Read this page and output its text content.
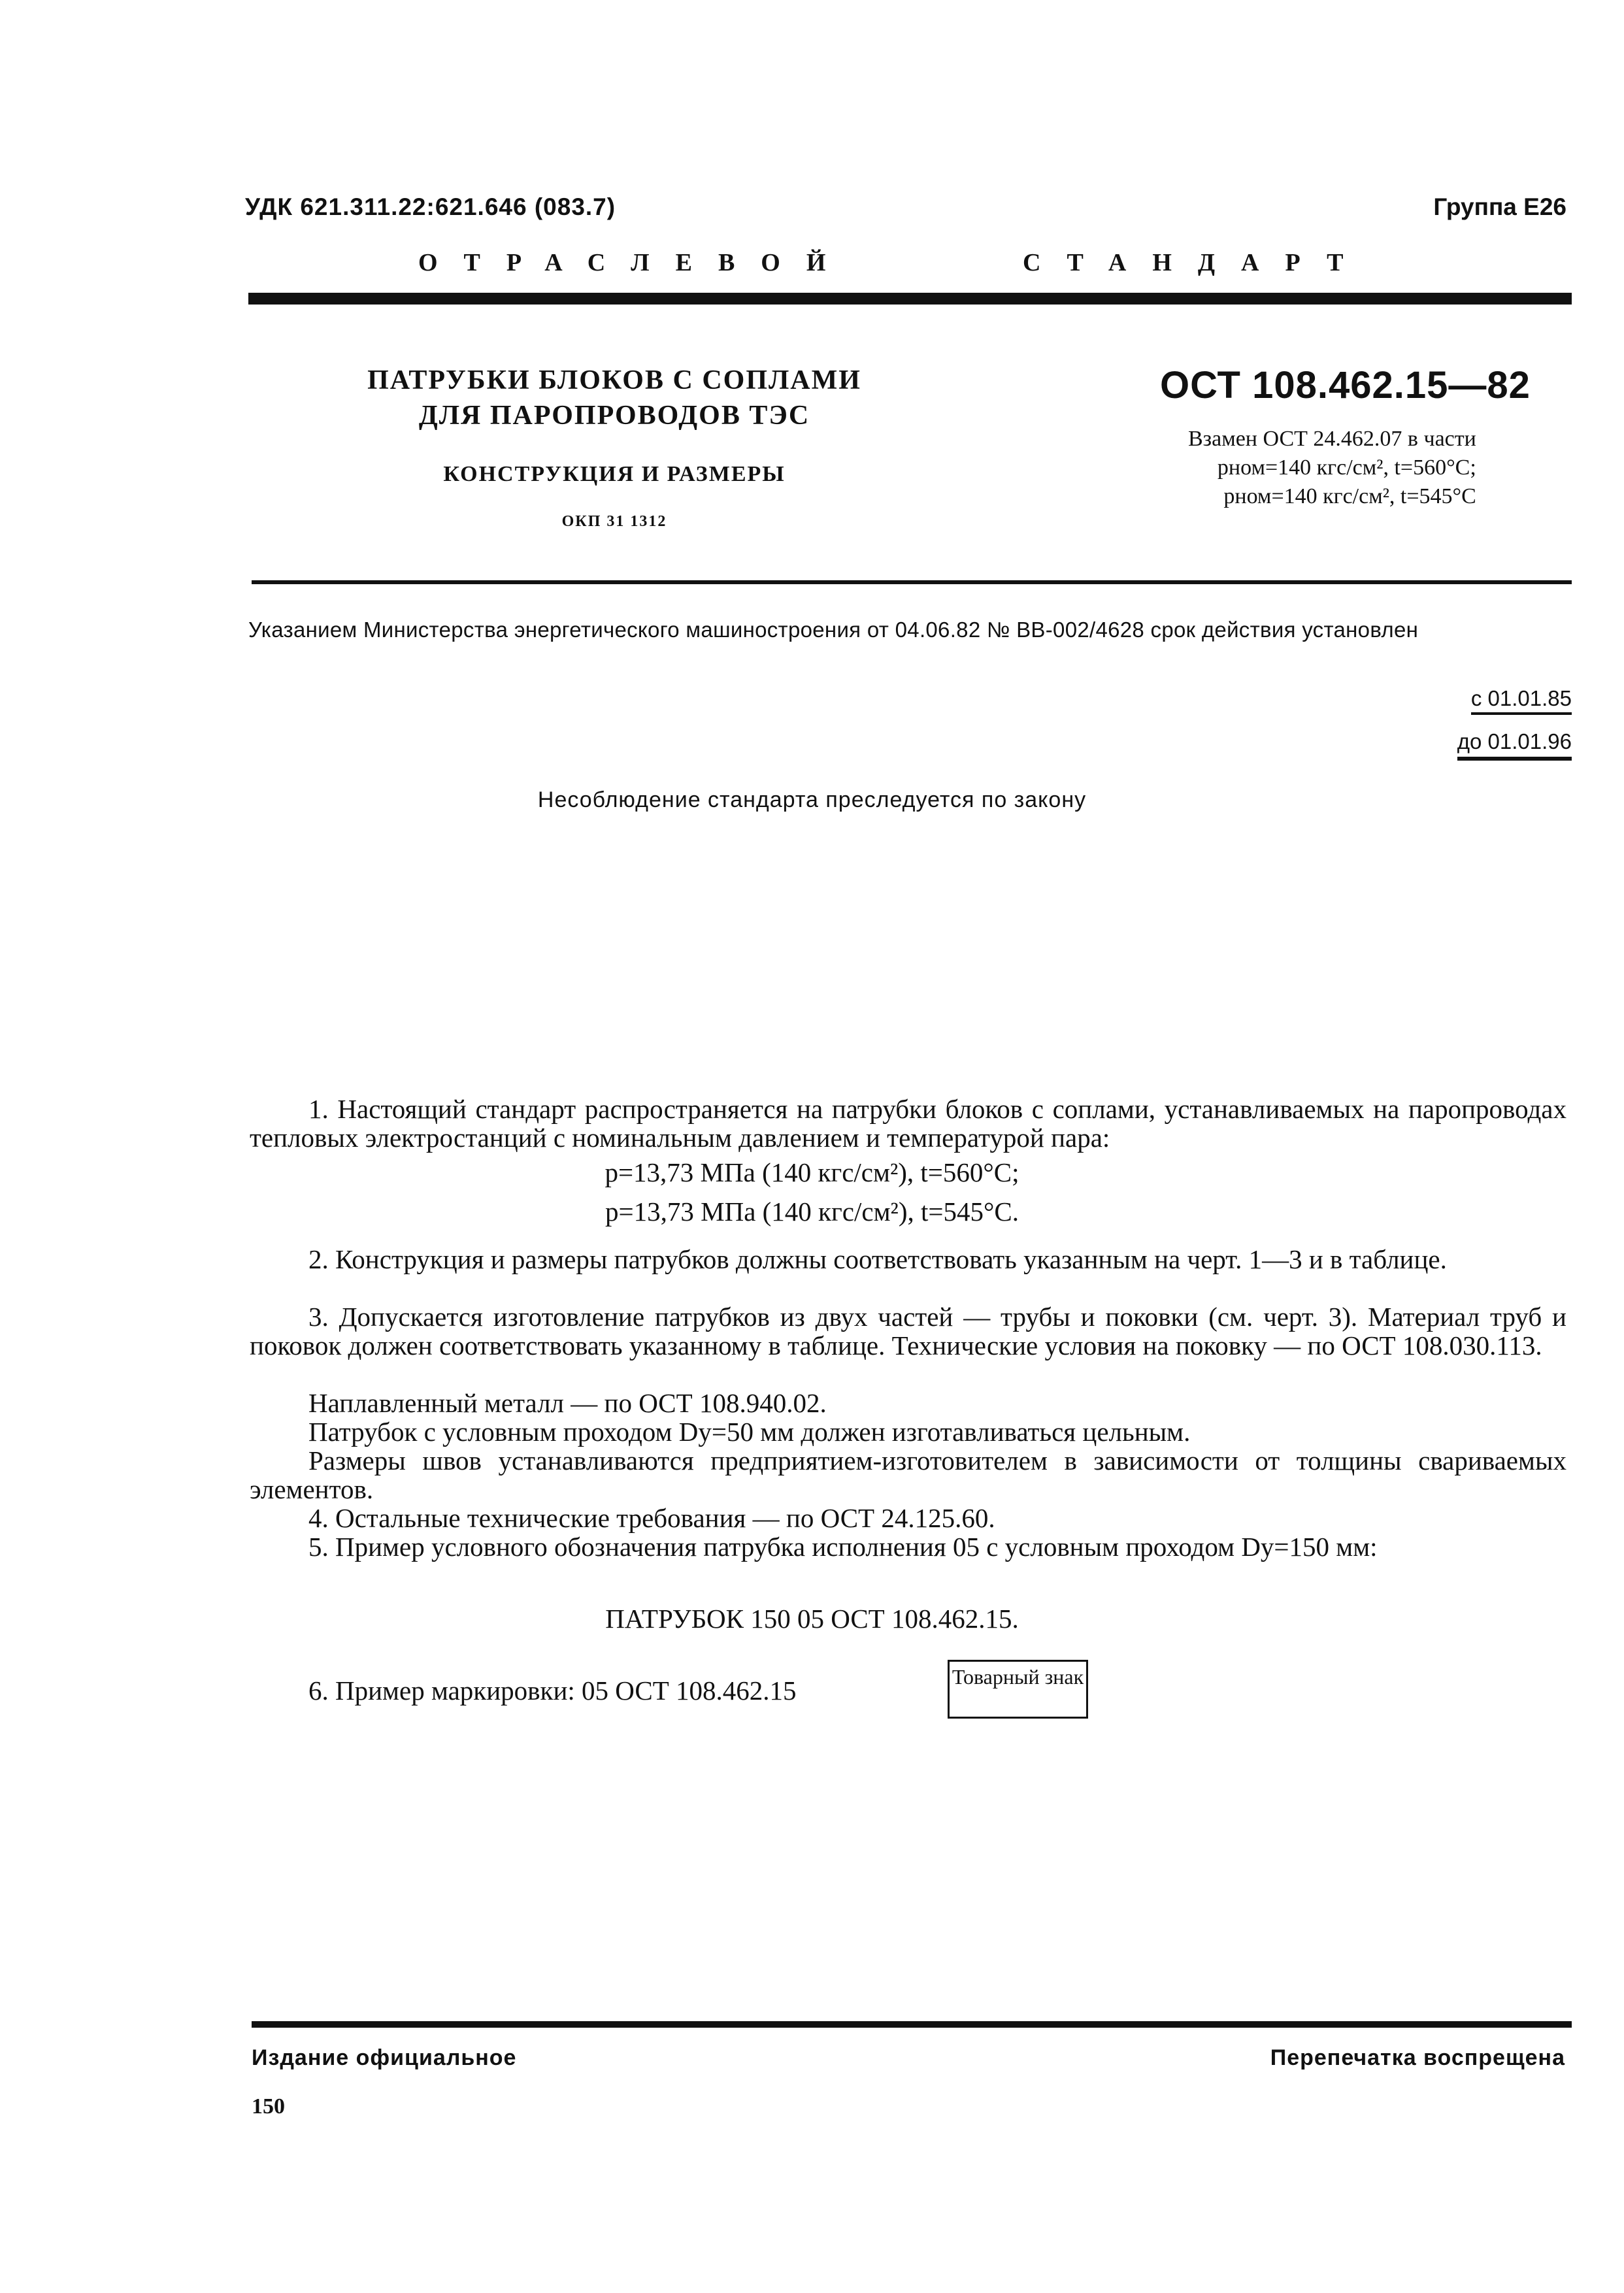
УДК 621.311.22:621.646 (083.7)	Группа Е26
ОТРАСЛЕВОЙ	СТАНДАРТ
ПАТРУБКИ БЛОКОВ С СОПЛАМИ
ДЛЯ ПАРОПРОВОДОВ ТЭС
КОНСТРУКЦИЯ И РАЗМЕРЫ
ОКП 31 1312
ОСТ 108.462.15—82
Взамен ОСТ 24.462.07 в части
pном=140 кгс/см², t=560°C;
pном=140 кгс/см², t=545°C
Указанием Министерства энергетического машиностроения от 04.06.82 № ВВ-002/4628 срок действия установлен
с 01.01.85
до 01.01.96
Несоблюдение стандарта преследуется по закону
1. Настоящий стандарт распространяется на патрубки блоков с соплами, устанавливаемых на паропроводах тепловых электростанций с номинальным давлением и температурой пара:
p=13,73 МПа (140 кгс/см²), t=560°C;
p=13,73 МПа (140 кгс/см²), t=545°C.
2. Конструкция и размеры патрубков должны соответствовать указанным на черт. 1—3 и в таблице.
3. Допускается изготовление патрубков из двух частей — трубы и поковки (см. черт. 3). Материал труб и поковок должен соответствовать указанному в таблице. Технические условия на поковку — по ОСТ 108.030.113.
Наплавленный металл — по ОСТ 108.940.02.
Патрубок с условным проходом Dy=50 мм должен изготавливаться цельным.
Размеры швов устанавливаются предприятием-изготовителем в зависимости от толщины свариваемых элементов.
4. Остальные технические требования — по ОСТ 24.125.60.
5. Пример условного обозначения патрубка исполнения 05 с условным проходом Dy=150 мм:
ПАТРУБОК 150 05 ОСТ 108.462.15.
6. Пример маркировки: 05 ОСТ 108.462.15	Товарный знак
Издание официальное	Перепечатка воспрещена
150
